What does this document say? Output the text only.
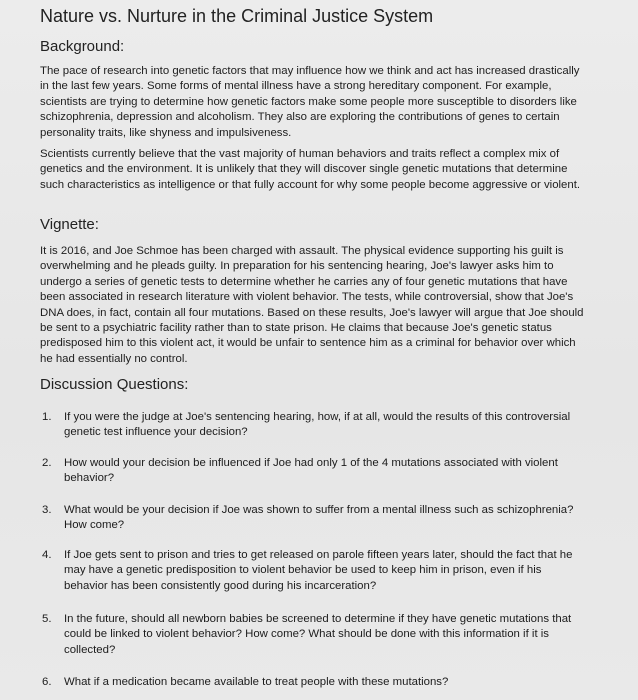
Nature vs. Nurture in the Criminal Justice System
Background:

The pace of research into genetic factors that may influence how we think and act has increased drastically in the last few years. Some forms of mental illness have a strong hereditary component. For example, scientists are trying to determine how genetic factors make some people more susceptible to disorders like schizophrenia, depression and alcoholism. They also are exploring the contributions of genes to certain personality traits, like shyness and impulsiveness.

Scientists currently believe that the vast majority of human behaviors and traits reflect a complex mix of genetics and the environment. It is unlikely that they will discover single genetic mutations that determine such characteristics as intelligence or that fully account for why some people become aggressive or violent.

Vignette:

It is 2016, and Joe Schmoe has been charged with assault. The physical evidence supporting his guilt is overwhelming and he pleads guilty. In preparation for his sentencing hearing, Joe's lawyer asks him to undergo a series of genetic tests to determine whether he carries any of four genetic mutations that have been associated in research literature with violent behavior. The tests, while controversial, show that Joe's DNA does, in fact, contain all four mutations. Based on these results, Joe's lawyer will argue that Joe should be sent to a psychiatric facility rather than to state prison. He claims that because Joe's genetic status predisposed him to this violent act, it would be unfair to sentence him as a criminal for behavior over which he had essentially no control.

Discussion Questions:
1.	If you were the judge at Joe's sentencing hearing, how, if at all, would the results of this controversial genetic test influence your decision?
2.	How would your decision be influenced if Joe had only 1 of the 4 mutations associated with violent behavior?
3.	What would be your decision if Joe was shown to suffer from a mental illness such as schizophrenia? How come?
4.	If Joe gets sent to prison and tries to get released on parole fifteen years later, should the fact that he may have a genetic predisposition to violent behavior be used to keep him in prison, even if his behavior has been consistently good during his incarceration?
5.	In the future, should all newborn babies be screened to determine if they have genetic mutations that could be linked to violent behavior? How come? What should be done with this information if it is collected?
6.	What if a medication became available to treat people with these mutations?
